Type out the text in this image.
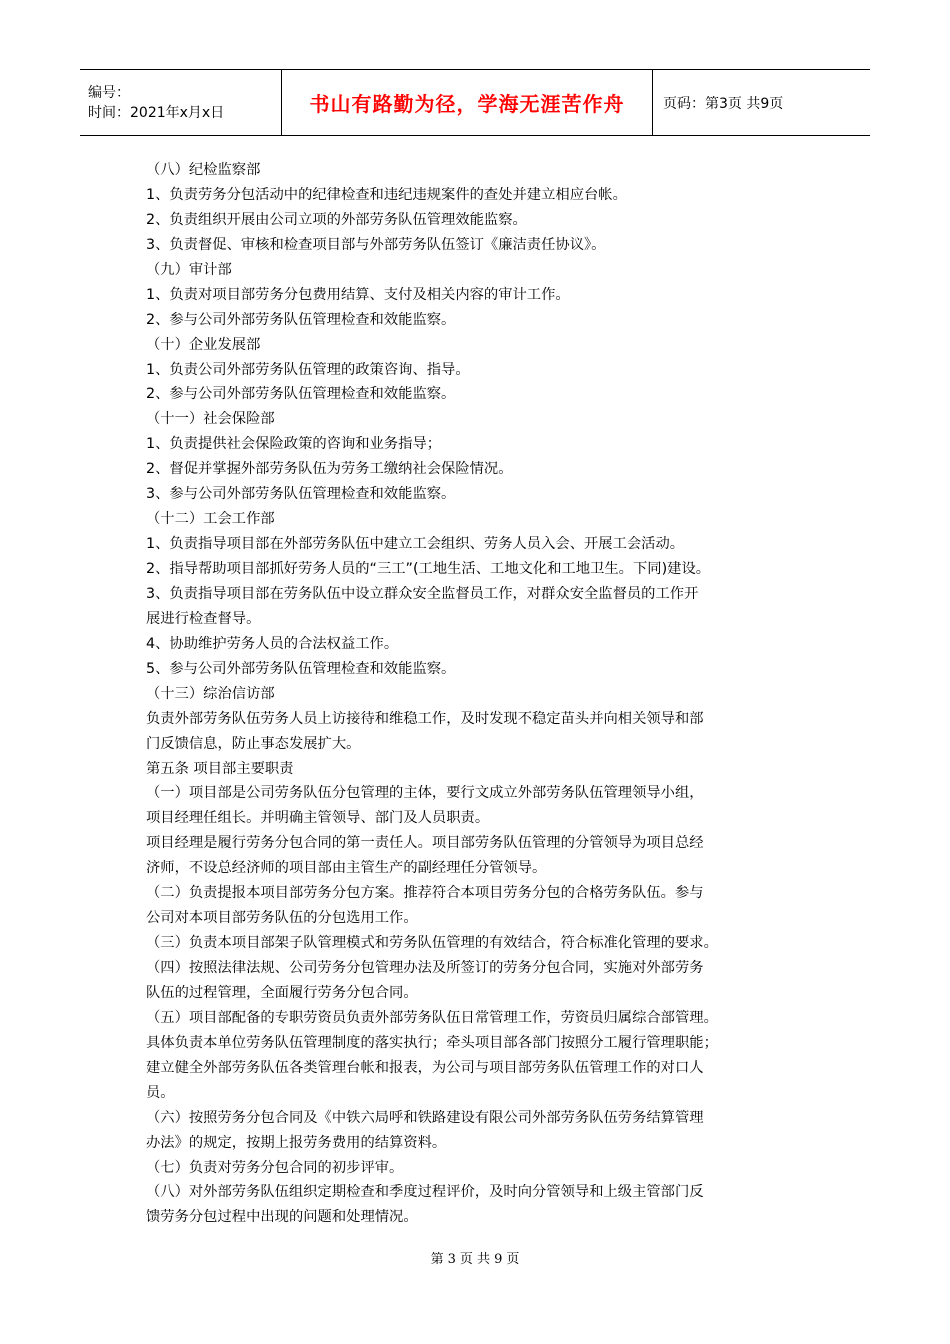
编号：
时间：2021年x月x日	书山有路勤为径，学海无涯苦作舟	页码：第3页 共9页
（八）纪检监察部
1、负责劳务分包活动中的纪律检查和违纪违规案件的查处并建立相应台帐。
2、负责组织开展由公司立项的外部劳务队伍管理效能监察。
3、负责督促、审核和检查项目部与外部劳务队伍签订《廉洁责任协议》。
（九）审计部
1、负责对项目部劳务分包费用结算、支付及相关内容的审计工作。
2、参与公司外部劳务队伍管理检查和效能监察。
（十）企业发展部
1、负责公司外部劳务队伍管理的政策咨询、指导。
2、参与公司外部劳务队伍管理检查和效能监察。
（十一）社会保险部
1、负责提供社会保险政策的咨询和业务指导；
2、督促并掌握外部劳务队伍为劳务工缴纳社会保险情况。
3、参与公司外部劳务队伍管理检查和效能监察。
（十二）工会工作部
1、负责指导项目部在外部劳务队伍中建立工会组织、劳务人员入会、开展工会活动。
2、指导帮助项目部抓好劳务人员的“三工”(工地生活、工地文化和工地卫生。下同)建设。
3、负责指导项目部在劳务队伍中设立群众安全监督员工作，对群众安全监督员的工作开
展进行检查督导。
4、协助维护劳务人员的合法权益工作。
5、参与公司外部劳务队伍管理检查和效能监察。
（十三）综治信访部
负责外部劳务队伍劳务人员上访接待和维稳工作，及时发现不稳定苗头并向相关领导和部
门反馈信息，防止事态发展扩大。
第五条 项目部主要职责
（一）项目部是公司劳务队伍分包管理的主体，要行文成立外部劳务队伍管理领导小组，
项目经理任组长。并明确主管领导、部门及人员职责。
项目经理是履行劳务分包合同的第一责任人。项目部劳务队伍管理的分管领导为项目总经
济师，不设总经济师的项目部由主管生产的副经理任分管领导。
（二）负责提报本项目部劳务分包方案。推荐符合本项目劳务分包的合格劳务队伍。参与
公司对本项目部劳务队伍的分包选用工作。
（三）负责本项目部架子队管理模式和劳务队伍管理的有效结合，符合标准化管理的要求。
（四）按照法律法规、公司劳务分包管理办法及所签订的劳务分包合同，实施对外部劳务
队伍的过程管理，全面履行劳务分包合同。
（五）项目部配备的专职劳资员负责外部劳务队伍日常管理工作，劳资员归属综合部管理。
具体负责本单位劳务队伍管理制度的落实执行；牵头项目部各部门按照分工履行管理职能；
建立健全外部劳务队伍各类管理台帐和报表，为公司与项目部劳务队伍管理工作的对口人
员。
（六）按照劳务分包合同及《中铁六局呼和铁路建设有限公司外部劳务队伍劳务结算管理
办法》的规定，按期上报劳务费用的结算资料。
（七）负责对劳务分包合同的初步评审。
（八）对外部劳务队伍组织定期检查和季度过程评价，及时向分管领导和上级主管部门反
馈劳务分包过程中出现的问题和处理情况。
第 3 页 共 9 页
